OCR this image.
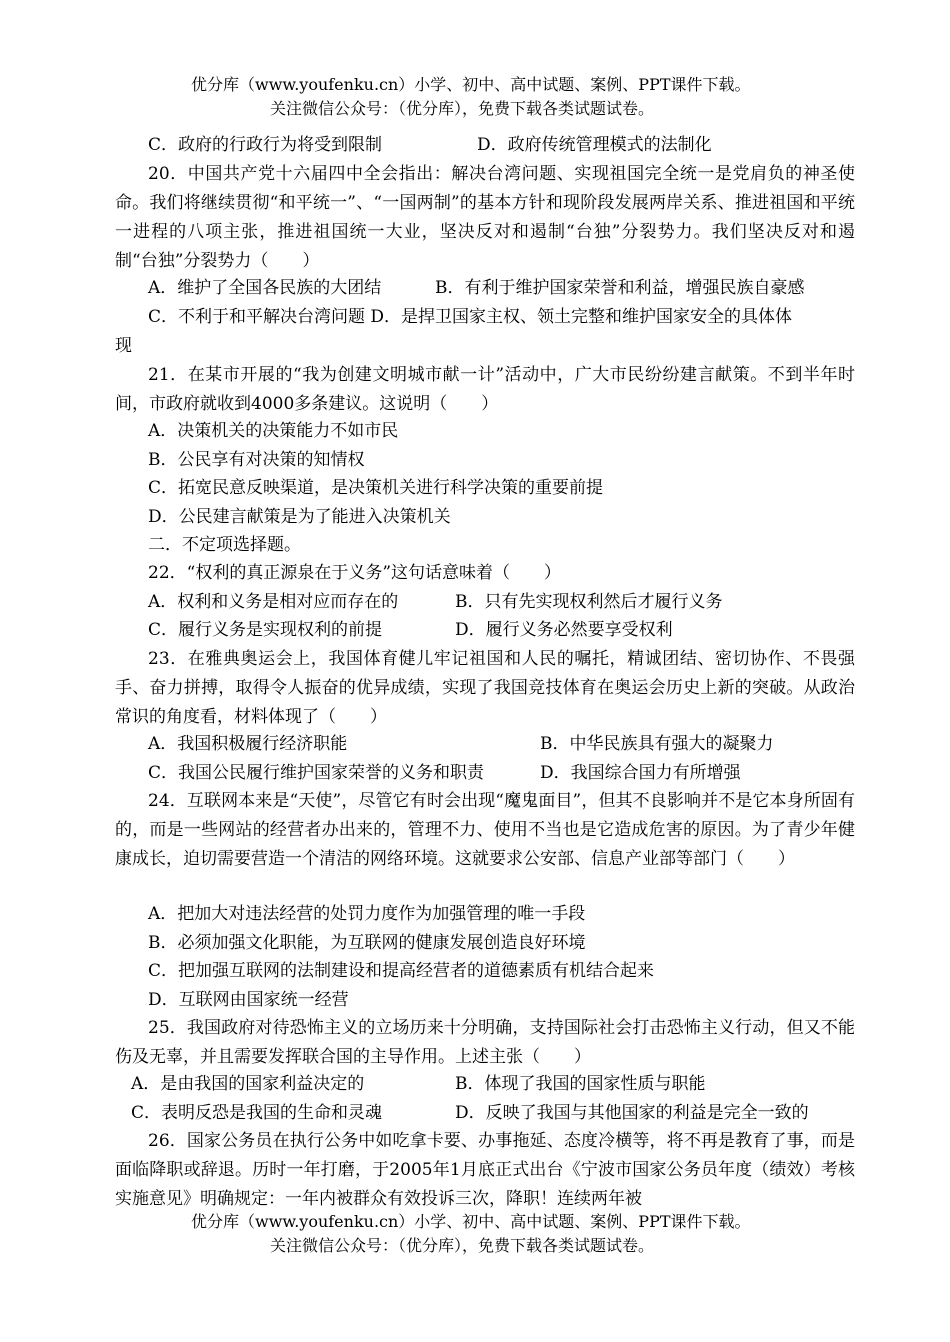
优分库（www.youfenku.cn）小学、初中、高中试题、案例、PPT课件下载。
关注微信公众号：（优分库），免费下载各类试题试卷。
C．政府的行政行为将受到限制	D．政府传统管理模式的法制化
20．中国共产党十六届四中全会指出：解决台湾问题、实现祖国完全统一是党肩负的神圣使命。我们将继续贯彻“和平统一”、“一国两制”的基本方针和现阶段发展两岸关系、推进祖国和平统一进程的八项主张，推进祖国统一大业，坚决反对和遏制“台独”分裂势力。我们坚决反对和遏制“台独”分裂势力（　　）
A．维护了全国各民族的大团结	B．有利于维护国家荣誉和利益，增强民族自豪感
C．不利于和平解决台湾问题 D．是捍卫国家主权、领土完整和维护国家安全的具体体
现
21．在某市开展的“我为创建文明城市献一计”活动中，广大市民纷纷建言献策。不到半年时间，市政府就收到4000多条建议。这说明（　　）
A．决策机关的决策能力不如市民
B．公民享有对决策的知情权
C．拓宽民意反映渠道，是决策机关进行科学决策的重要前提
D．公民建言献策是为了能进入决策机关
二．不定项选择题。
22．“权利的真正源泉在于义务”这句话意味着（　　）
A．权利和义务是相对应而存在的	B．只有先实现权利然后才履行义务
C．履行义务是实现权利的前提	D．履行义务必然要享受权利
23．在雅典奥运会上，我国体育健儿牢记祖国和人民的嘱托，精诚团结、密切协作、不畏强手、奋力拼搏，取得令人振奋的优异成绩，实现了我国竞技体育在奥运会历史上新的突破。从政治常识的角度看，材料体现了（　　）
A．我国积极履行经济职能	B．中华民族具有强大的凝聚力
C．我国公民履行维护国家荣誉的义务和职责	D．我国综合国力有所增强
24．互联网本来是“天使”，尽管它有时会出现“魔鬼面目”，但其不良影响并不是它本身所固有的，而是一些网站的经营者办出来的，管理不力、使用不当也是它造成危害的原因。为了青少年健康成长，迫切需要营造一个清洁的网络环境。这就要求公安部、信息产业部等部门（　　）
A．把加大对违法经营的处罚力度作为加强管理的唯一手段
B．必须加强文化职能，为互联网的健康发展创造良好环境
C．把加强互联网的法制建设和提高经营者的道德素质有机结合起来
D．互联网由国家统一经营
25．我国政府对待恐怖主义的立场历来十分明确，支持国际社会打击恐怖主义行动，但又不能伤及无辜，并且需要发挥联合国的主导作用。上述主张（　　）
A．是由我国的国家利益决定的	B．体现了我国的国家性质与职能
C．表明反恐是我国的生命和灵魂	D．反映了我国与其他国家的利益是完全一致的
26．国家公务员在执行公务中如吃拿卡要、办事拖延、态度冷横等，将不再是教育了事，而是面临降职或辞退。历时一年打磨，于2005年1月底正式出台《宁波市国家公务员年度（绩效）考核实施意见》明确规定：一年内被群众有效投诉三次，降职！连续两年被
优分库（www.youfenku.cn）小学、初中、高中试题、案例、PPT课件下载。
关注微信公众号：（优分库），免费下载各类试题试卷。
